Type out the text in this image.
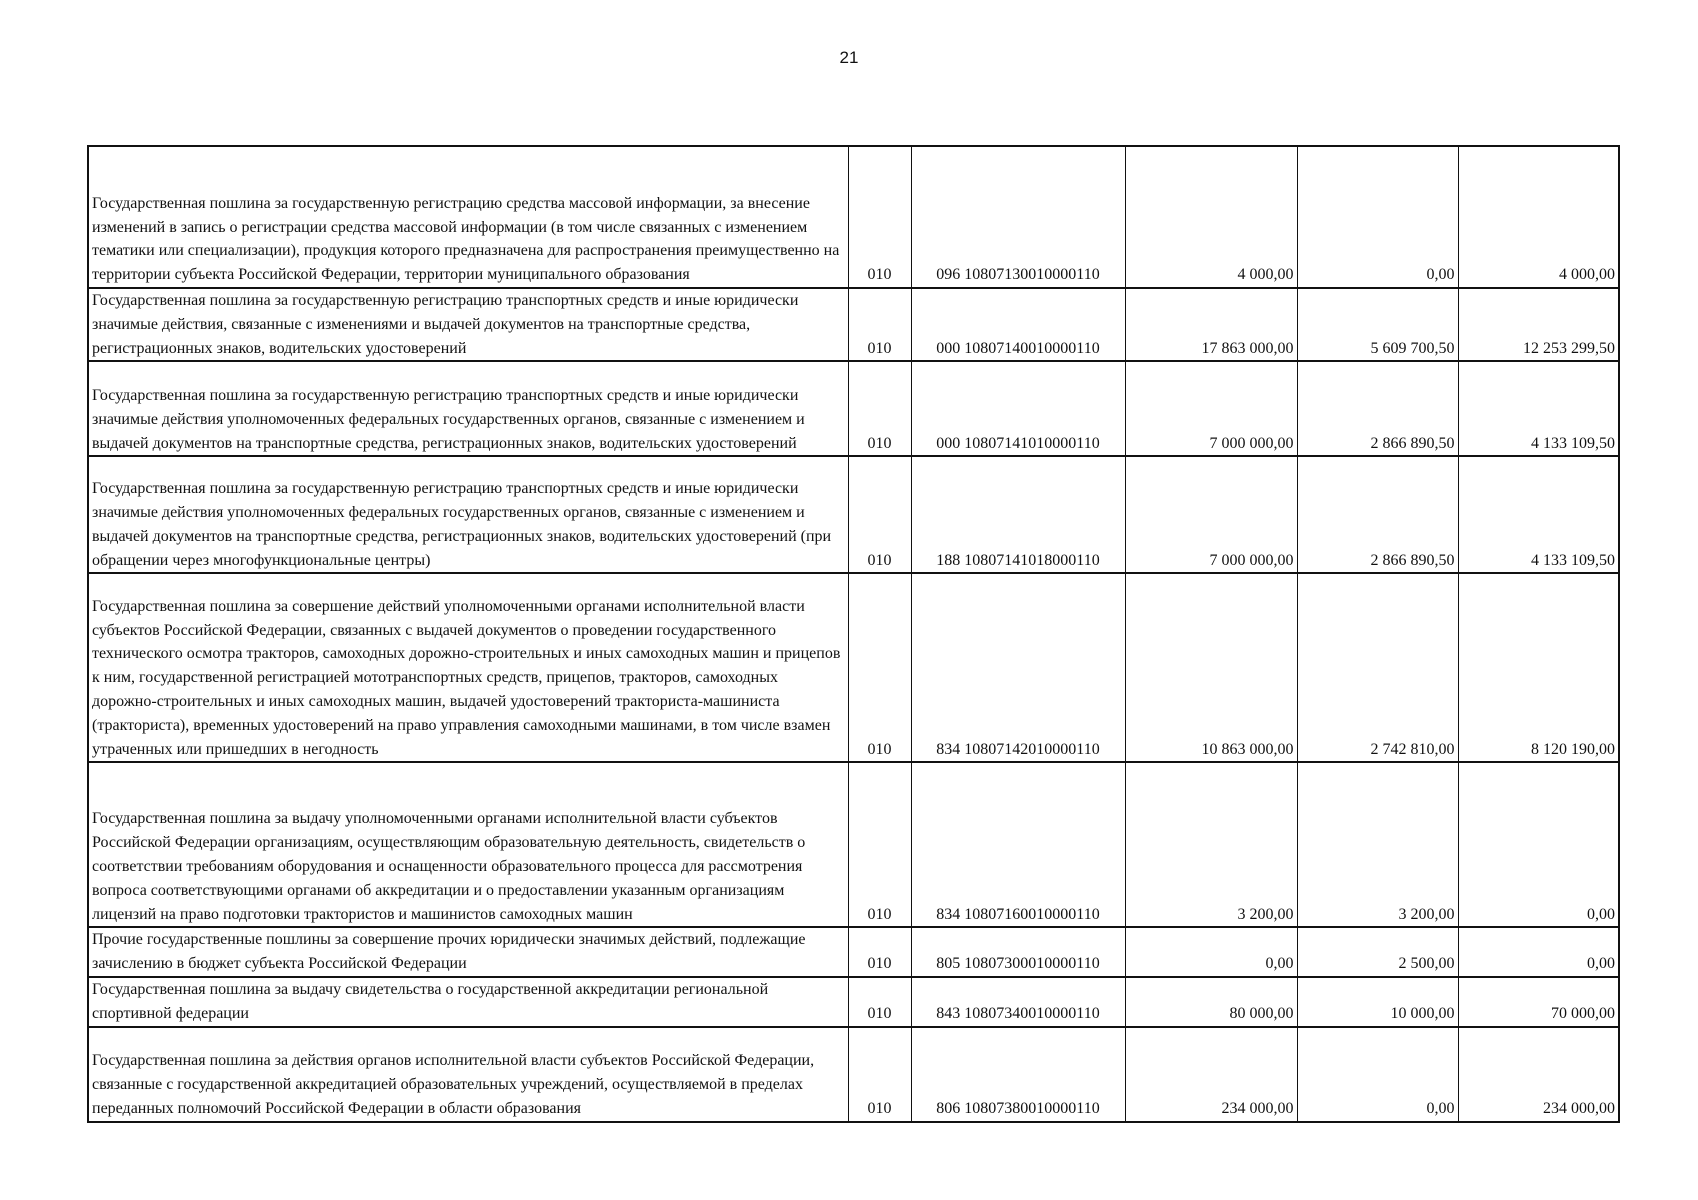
21
Государственная пошлина за государственную регистрацию средства массовой информации, за внесение изменений в запись о регистрации средства массовой информации (в том числе связанных с изменением тематики или специализации), продукция которого предназначена для распространения преимущественно на территории субъекта Российской Федерации, территории муниципального образования	010	096 10807130010000110	4 000,00	0,00	4 000,00
Государственная пошлина за государственную регистрацию транспортных средств и иные юридически значимые действия, связанные с изменениями и выдачей документов на транспортные средства, регистрационных знаков, водительских удостоверений	010	000 10807140010000110	17 863 000,00	5 609 700,50	12 253 299,50
Государственная пошлина за государственную регистрацию транспортных средств и иные юридически значимые действия уполномоченных федеральных государственных органов, связанные с изменением и выдачей документов на транспортные средства, регистрационных знаков, водительских удостоверений	010	000 10807141010000110	7 000 000,00	2 866 890,50	4 133 109,50
Государственная пошлина за государственную регистрацию транспортных средств и иные юридически значимые действия уполномоченных федеральных государственных органов, связанные с изменением и выдачей документов на транспортные средства, регистрационных знаков, водительских удостоверений (при обращении через многофункциональные центры)	010	188 10807141018000110	7 000 000,00	2 866 890,50	4 133 109,50
Государственная пошлина за совершение действий уполномоченными органами исполнительной власти субъектов Российской Федерации, связанных с выдачей документов о проведении государственного технического осмотра тракторов, самоходных дорожно-строительных и иных самоходных машин и прицепов к ним, государственной регистрацией мототранспортных средств, прицепов, тракторов, самоходных дорожно-строительных и иных самоходных машин, выдачей удостоверений тракториста-машиниста (тракториста), временных удостоверений на право управления самоходными машинами, в том числе взамен утраченных или пришедших в негодность	010	834 10807142010000110	10 863 000,00	2 742 810,00	8 120 190,00
Государственная пошлина за выдачу уполномоченными органами исполнительной власти субъектов Российской Федерации организациям, осуществляющим образовательную деятельность, свидетельств о соответствии требованиям оборудования и оснащенности образовательного процесса для рассмотрения вопроса соответствующими органами об аккредитации и о предоставлении указанным организациям лицензий на право подготовки трактористов и машинистов самоходных машин	010	834 10807160010000110	3 200,00	3 200,00	0,00
Прочие государственные пошлины за совершение прочих юридически значимых действий, подлежащие зачислению в бюджет субъекта Российской Федерации	010	805 10807300010000110	0,00	2 500,00	0,00
Государственная пошлина за выдачу свидетельства о государственной аккредитации региональной спортивной федерации	010	843 10807340010000110	80 000,00	10 000,00	70 000,00
Государственная пошлина за действия органов исполнительной власти субъектов Российской Федерации, связанные с государственной аккредитацией образовательных учреждений, осуществляемой в пределах переданных полномочий Российской Федерации в области образования	010	806 10807380010000110	234 000,00	0,00	234 000,00
